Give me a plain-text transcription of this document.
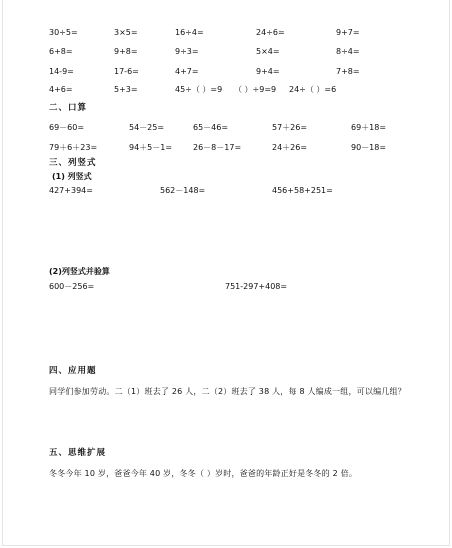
30÷5=	3×5=	16÷4=	24÷6=	9+7=
6+8=	9+8=	9÷3=	5×4=	8÷4=
14-9=	17-6=	4+7=	9+4=	7+8=
4+6=	5+3=	45÷（ ）=9 （ ）÷9=9 24÷（ ）=6
二、口算
69－60=	54－25=	65－46=	57＋26=	69＋18=
79＋6＋23=	94＋5－1=	26－8－17=	24＋26=	90－18=
三、列竖式
(1) 列竖式
427+394=	562－148=	456+58+251=
(2)列竖式并验算
600－256=	751-297+408=
四、应用题
同学们参加劳动。二（1）班去了 26 人，二（2）班去了 38 人，每 8 人编成一组，可以编几组？
五、思维扩展
冬冬今年 10 岁，爸爸今年 40 岁，冬冬（ ）岁时，爸爸的年龄正好是冬冬的 2 倍。
